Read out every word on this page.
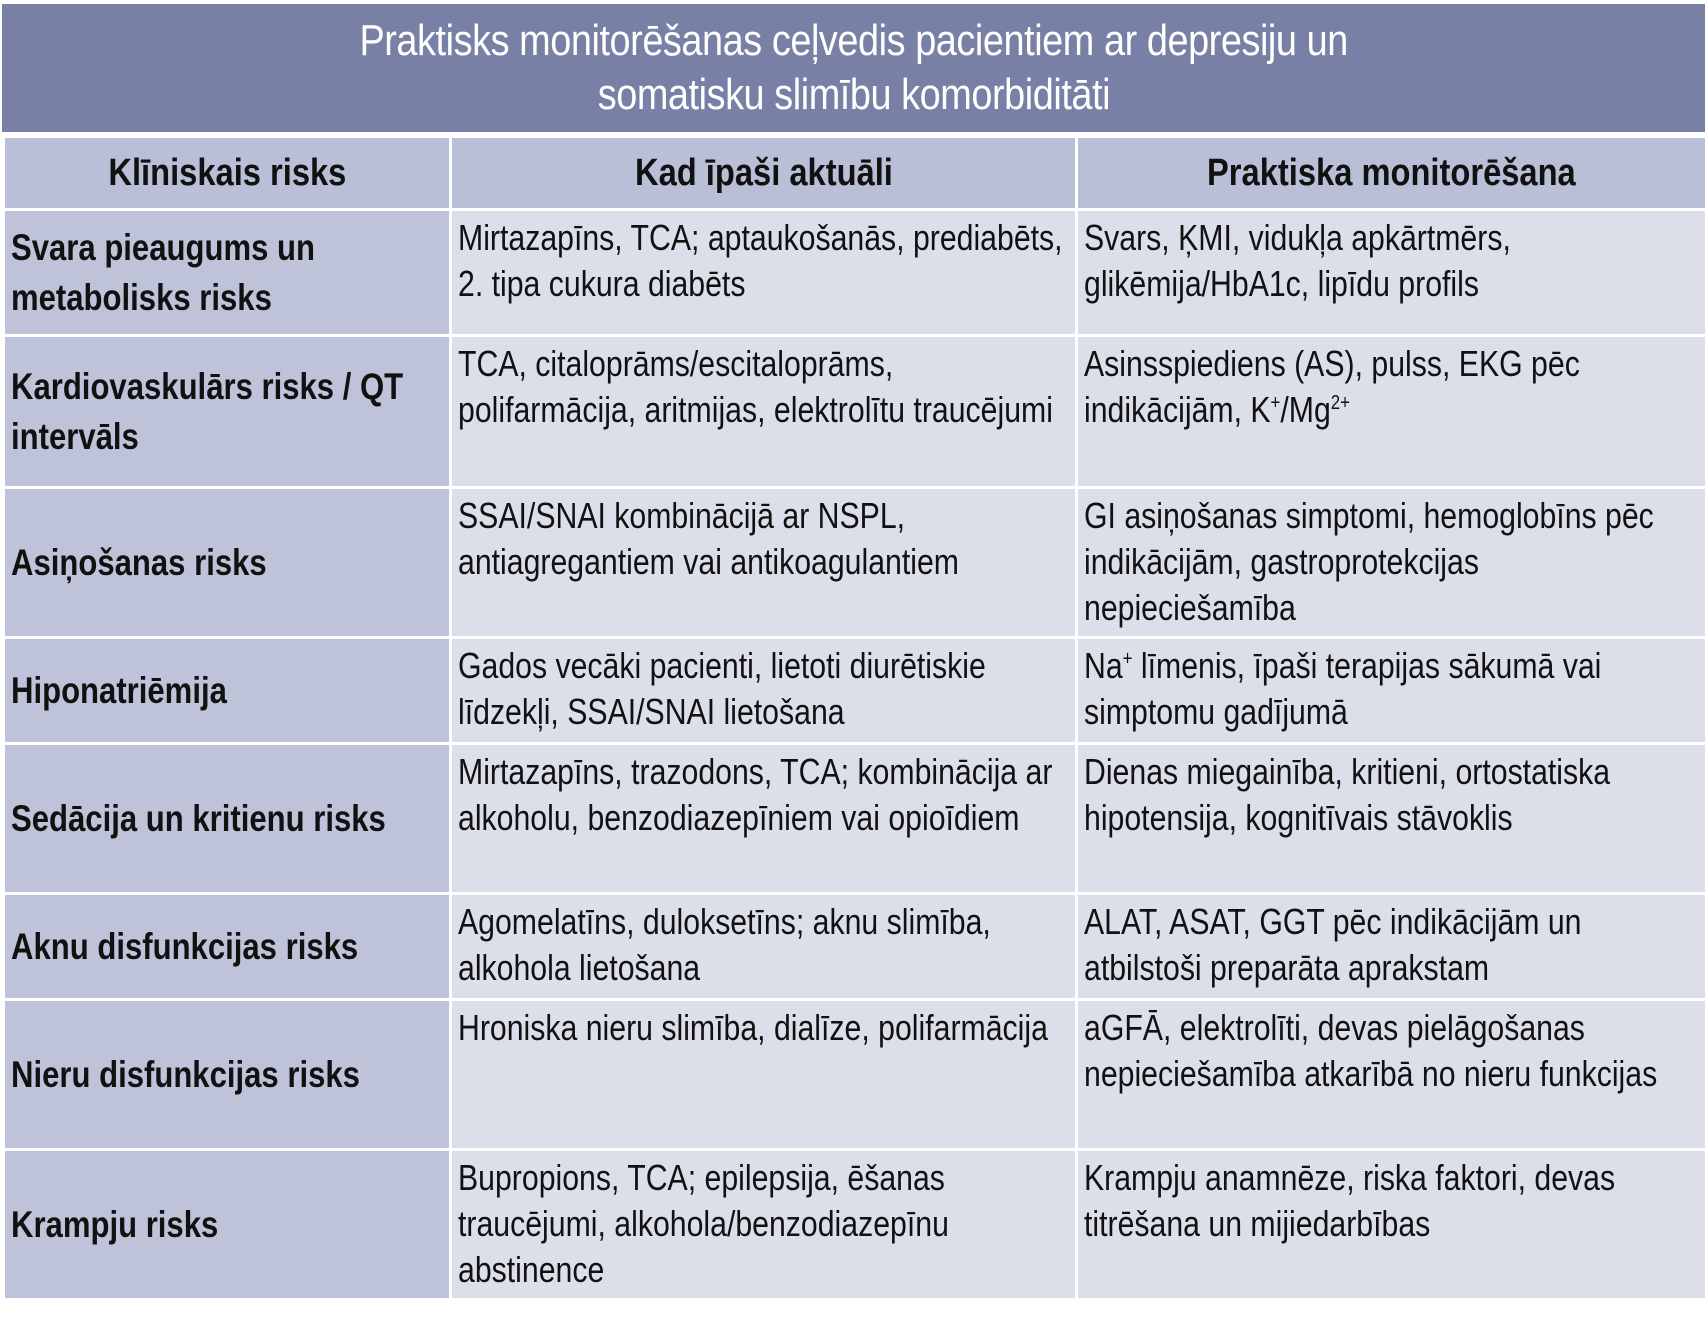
Praktisks monitorēšanas ceļvedis pacientiem ar depresiju un
somatisku slimību komorbiditāti
Klīniskais risks	Kad īpaši aktuāli	Praktiska monitorēšana

Svara pieaugums un metabolisks risks	Mirtazapīns, TCA; aptaukošanās, prediabēts, 2. tipa cukura diabēts	Svars, ĶMI, vidukļa apkārtmērs, glikēmija/HbA1c, lipīdu profils

Kardiovaskulārs risks / QT intervāls	TCA, citaloprāms/escitaloprāms, polifarmācija, aritmijas, elektrolītu traucējumi	Asinsspiediens (AS), pulss, EKG pēc indikācijām, $K^+/Mg^{2+}$

Asiņošanas risks	SSAI/SNAI kombinācijā ar NSPL, antiagregantiem vai antikoagulantiem	GI asiņošanas simptomi, hemoglobīns pēc indikācijām, gastroprotekcijas nepieciešamība

Hiponatriēmija	Gados vecāki pacienti, lietoti diurētiskie līdzekļi, SSAI/SNAI lietošana	Na+ līmenis, īpaši terapijas sākumā vai simptomu gadījumā

Sedācija un kritienu risks	Mirtazapīns, trazodons, TCA; kombinācija ar alkoholu, benzodiazepīniem vai opioīdiem	Dienas miegainība, kritieni, ortostatiska hipotensija, kognitīvais stāvoklis

Aknu disfunkcijas risks	Agomelatīns, duloksetīns; aknu slimība, alkohola lietošana	ALAT, ASAT, GGT pēc indikācijām un atbilstoši preparāta aprakstam

Nieru disfunkcijas risks	Hroniska nieru slimība, dialīze, polifarmācija	aGFĀ, elektrolīti, devas pielāgošanas nepieciešamība atkarībā no nieru funkcijas

Krampju risks	Bupropions, TCA; epilepsija, ēšanas traucējumi, alkohola/benzodiazepīnu abstinence	Krampju anamnēze, riska faktori, devas titrēšana un mijiedarbības
